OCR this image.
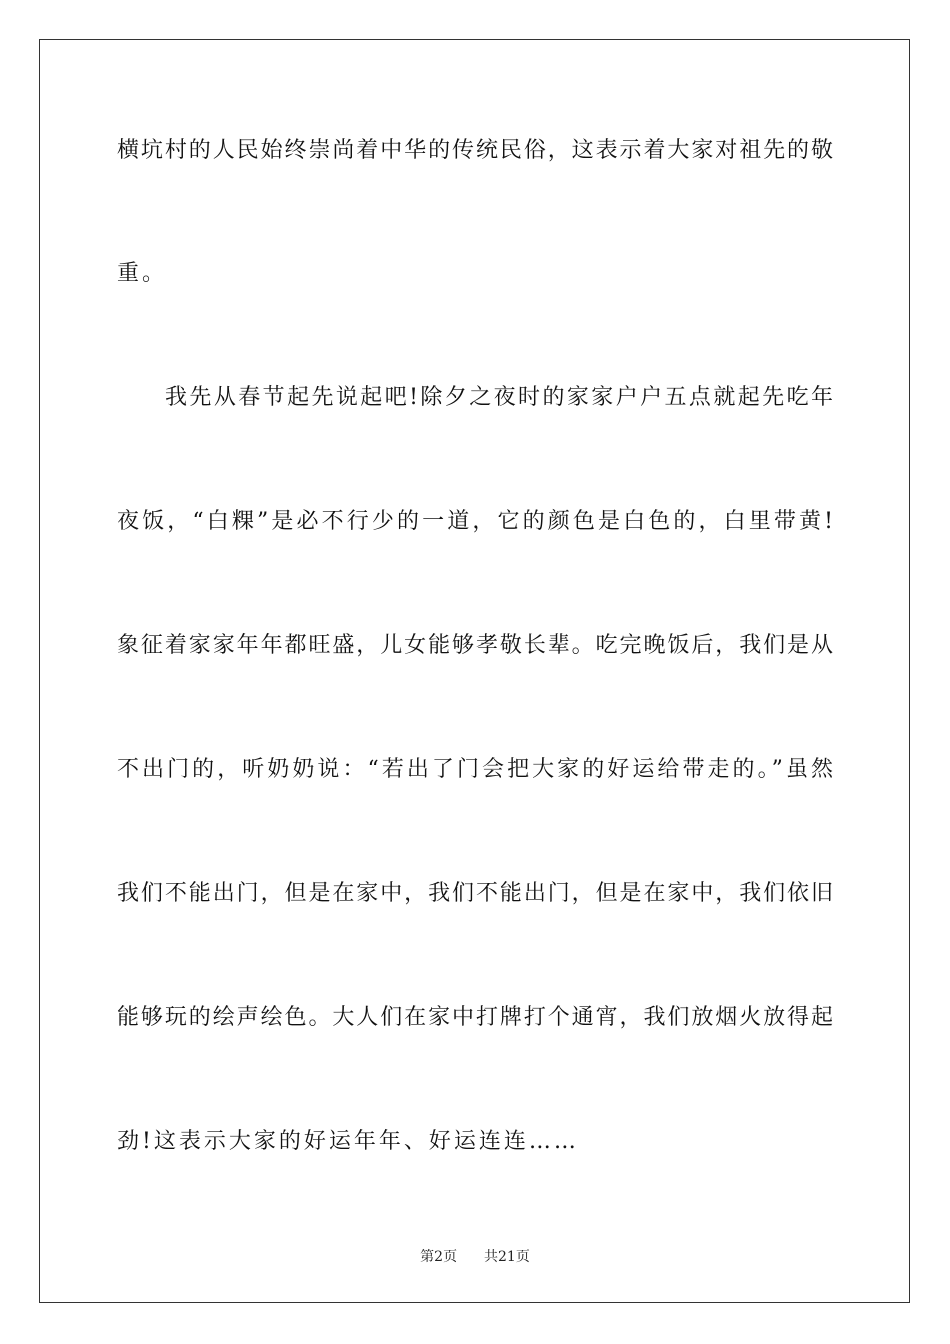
横坑村的人民始终崇尚着中华的传统民俗，这表示着大家对祖先的敬
重。
我先从春节起先说起吧!除夕之夜时的家家户户五点就起先吃年
夜饭，“白粿”是必不行少的一道，它的颜色是白色的，白里带黄!
象征着家家年年都旺盛，儿女能够孝敬长辈。吃完晚饭后，我们是从
不出门的，听奶奶说：“若出了门会把大家的好运给带走的。”虽然
我们不能出门，但是在家中，我们不能出门，但是在家中，我们依旧
能够玩的绘声绘色。大人们在家中打牌打个通宵，我们放烟火放得起
劲!这表示大家的好运年年、好运连连……
第2页 共21页
